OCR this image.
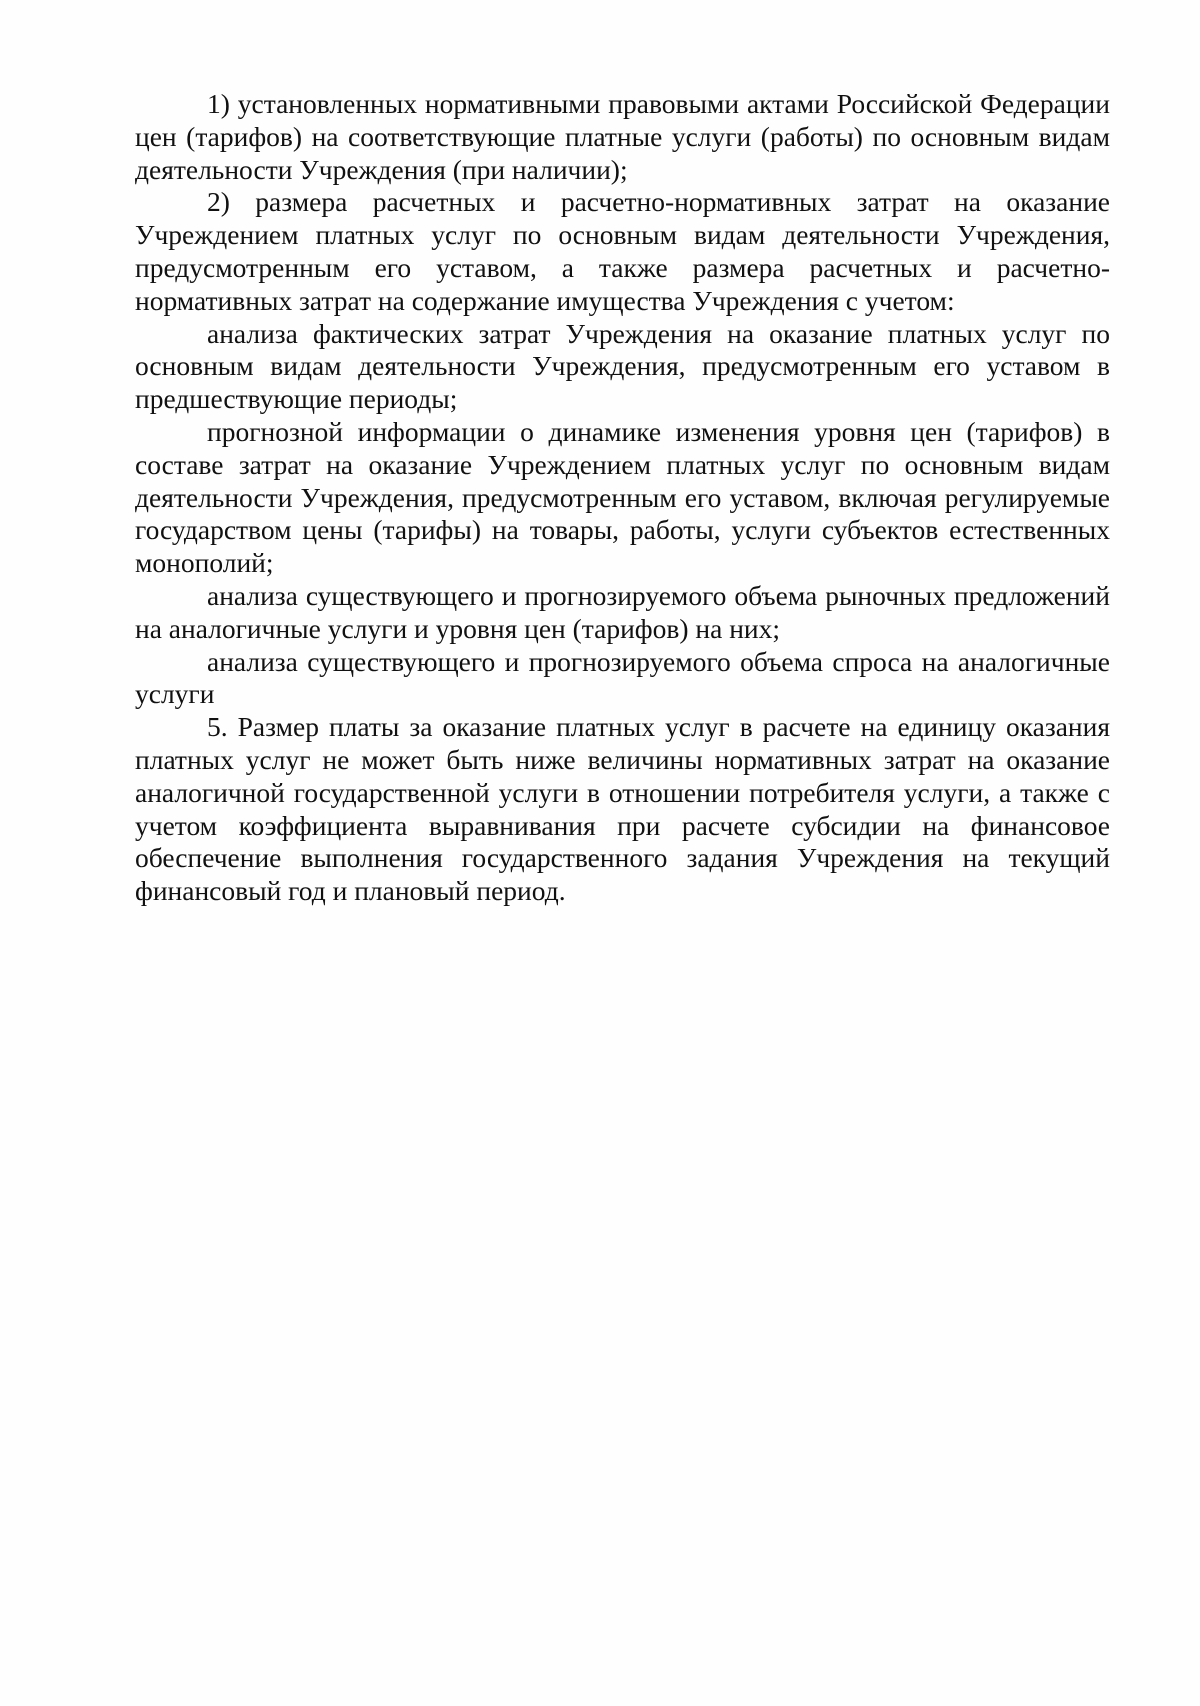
1) установленных нормативными правовыми актами Российской Федерации цен (тарифов) на соответствующие платные услуги (работы) по основным видам деятельности Учреждения (при наличии);

2) размера расчетных и расчетно-нормативных затрат на оказание Учреждением платных услуг по основным видам деятельности Учреждения, предусмотренным его уставом, а также размера расчетных и расчетно-нормативных затрат на содержание имущества Учреждения с учетом:

анализа фактических затрат Учреждения на оказание платных услуг по основным видам деятельности Учреждения, предусмотренным его уставом в предшествующие периоды;

прогнозной информации о динамике изменения уровня цен (тарифов) в составе затрат на оказание Учреждением платных услуг по основным видам деятельности Учреждения, предусмотренным его уставом, включая регулируемые государством цены (тарифы) на товары, работы, услуги субъектов естественных монополий;

анализа существующего и прогнозируемого объема рыночных предложений на аналогичные услуги и уровня цен (тарифов) на них;

анализа существующего и прогнозируемого объема спроса на аналогичные услуги

5. Размер платы за оказание платных услуг в расчете на единицу оказания платных услуг не может быть ниже величины нормативных затрат на оказание аналогичной государственной услуги в отношении потребителя услуги, а также с учетом коэффициента выравнивания при расчете субсидии на финансовое обеспечение выполнения государственного задания Учреждения на текущий финансовый год и плановый период.
